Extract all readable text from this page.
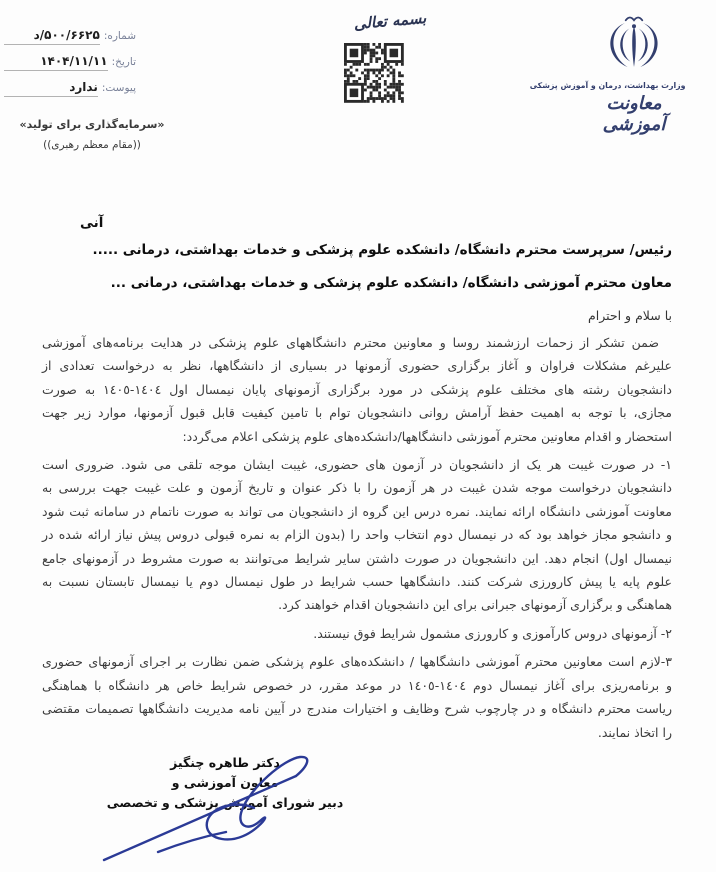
شماره:
۵۰۰/۶۶۲۵/د
تاریخ:
۱۴۰۴/۱۱/۱۱
پیوست:
ندارد
«سرمایه‌گذاری برای تولید»
((مقام معظم رهبری))
بسمه تعالی
وزارت بهداشت، درمان و آموزش پزشکی
معاونت آموزشی
آنی
رئیس/ سرپرست محترم دانشگاه/ دانشکده علوم پزشکی و خدمات بهداشتی، درمانی .....
معاون محترم آموزشی دانشگاه/ دانشکده علوم پزشکی و خدمات بهداشتی، درمانی ...
با سلام و احترام
ضمن تشکر از زحمات ارزشمند روسا و معاونین محترم دانشگاههای علوم پزشکی در هدایت برنامه‌های آموزشی
علیرغم مشکلات فراوان و آغاز برگزاری حضوری آزمونها در بسیاری از دانشگاهها، نظر به درخواست تعدادی از
دانشجویان رشته های مختلف علوم پزشکی در مورد برگزاری آزمونهای پایان نیمسال اول ١٤٠٤-١٤٠٥ به صورت
مجازی، با توجه به اهمیت حفظ آرامش روانی دانشجویان توام با تامین کیفیت قابل قبول آزمونها، موارد زیر جهت
استحضار و اقدام معاونین محترم آموزشی دانشگاهها/دانشکده‌های علوم پزشکی اعلام می‌گردد:
۱- در صورت غیبت هر یک از دانشجویان در آزمون های حضوری، غیبت ایشان موجه تلقی می شود. ضروری است
دانشجویان درخواست موجه شدن غیبت در هر آزمون را با ذکر عنوان و تاریخ آزمون و علت غیبت جهت بررسی به
معاونت آموزشی دانشگاه ارائه نمایند. نمره درس این گروه از دانشجویان می تواند به صورت ناتمام در سامانه ثبت شود
و دانشجو مجاز خواهد بود که در نیمسال دوم انتخاب واحد را (بدون الزام به نمره قبولی دروس پیش نیاز ارائه شده در
نیمسال اول) انجام دهد. این دانشجویان در صورت داشتن سایر شرایط می‌توانند به صورت مشروط در آزمونهای جامع
علوم پایه یا پیش کارورزی شرکت کنند. دانشگاهها حسب شرایط در طول نیمسال دوم یا نیمسال تابستان نسبت به
هماهنگی و برگزاری آزمونهای جبرانی برای این دانشجویان اقدام خواهند کرد.
۲- آزمونهای دروس کارآموزی و کارورزی مشمول شرایط فوق نیستند.
۳-لازم است معاونین محترم آموزشی دانشگاهها / دانشکده‌های علوم پزشکی ضمن نظارت بر اجرای آزمونهای حضوری
و برنامه‌ریزی برای آغاز نیمسال دوم ١٤٠٤-١٤٠٥ در موعد مقرر، در خصوص شرایط خاص هر دانشگاه با هماهنگی
ریاست محترم دانشگاه و در چارچوب شرح وظایف و اختیارات مندرج در آیین نامه مدیریت دانشگاهها تصمیمات مقتضی
را اتخاذ نمایند.
دکتر طاهره چنگیز
معاون آموزشی و
دبیر شورای آموزش پزشکی و تخصصی
